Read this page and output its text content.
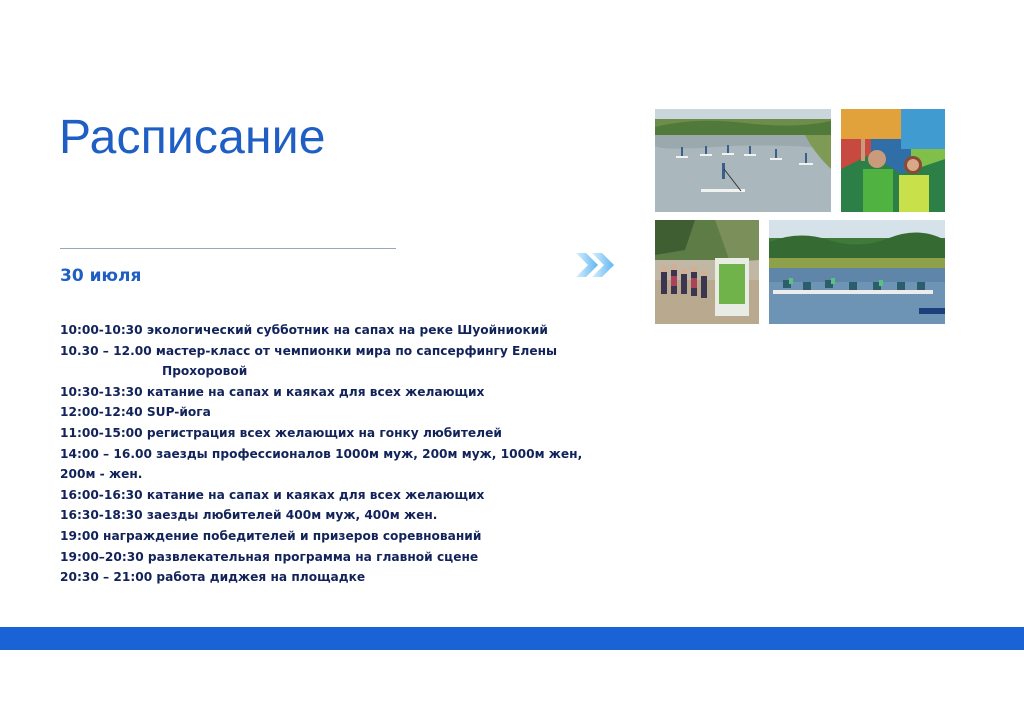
Расписание
30 июля
10:00-10:30 экологический субботник на сапах на реке Шуойниокий
10.30 – 12.00 мастер-класс от чемпионки мира по сапсерфингу Елены
Прохоровой
10:30-13:30 катание на сапах и каяках для всех желающих
12:00-12:40 SUP-йога
11:00-15:00 регистрация всех желающих на гонку любителей
14:00 – 16.00 заезды профессионалов 1000м муж, 200м муж, 1000м жен,
200м - жен.
16:00-16:30 катание на сапах и каяках для всех желающих
16:30-18:30 заезды любителей 400м муж, 400м жен.
19:00 награждение победителей и призеров соревнований
19:00–20:30 развлекательная программа на главной сцене
20:30 – 21:00 работа диджея на площадке
